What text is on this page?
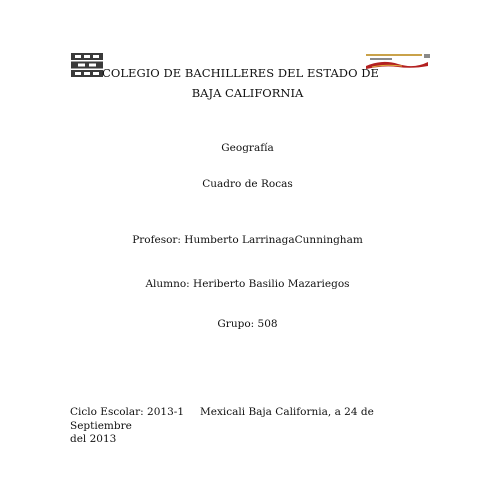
COLEGIO DE BACHILLERES DEL ESTADO DE
BAJA CALIFORNIA
Geografía
Cuadro de Rocas
Profesor: Humberto LarrinagaCunningham
Alumno: Heriberto Basilio Mazariegos
Grupo: 508
Ciclo Escolar: 2013-1 Mexicali Baja California, a 24 de Septiembre
del 2013
